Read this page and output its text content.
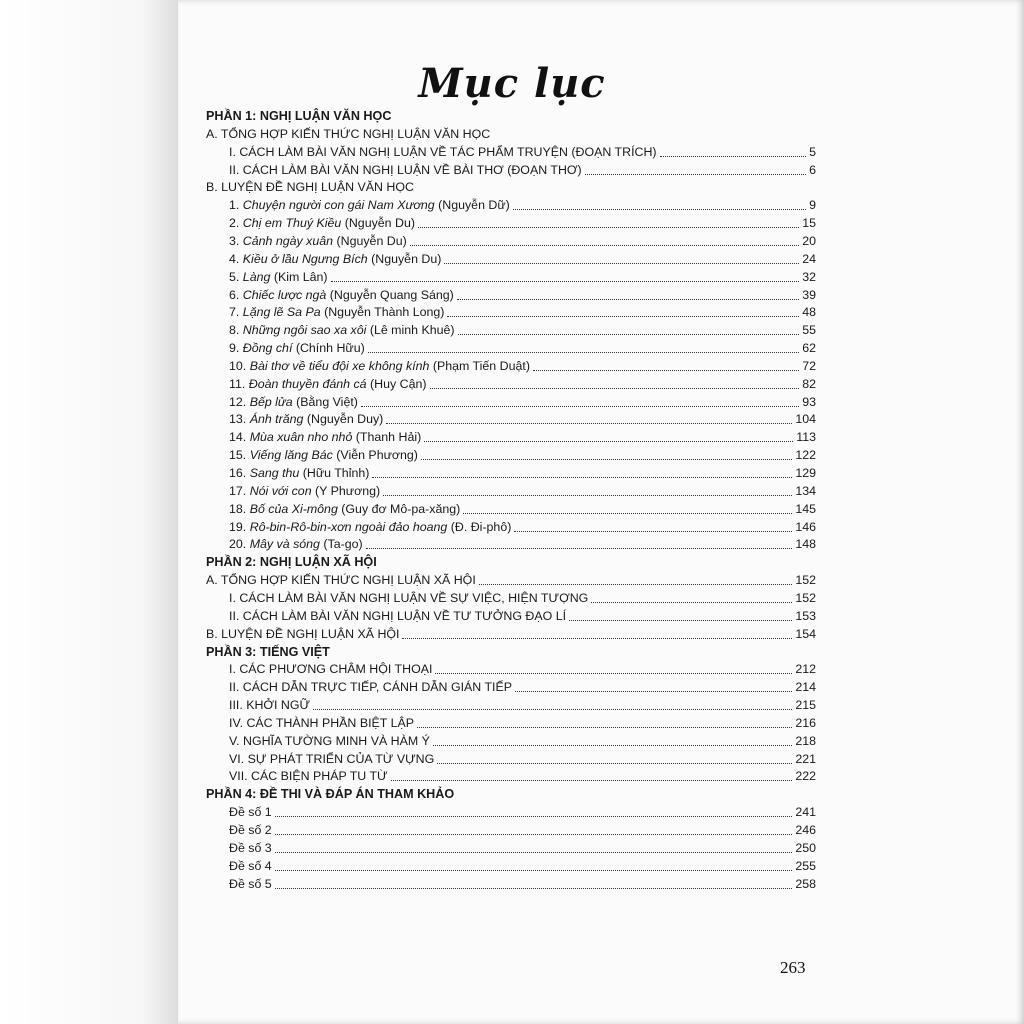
Mục lục
PHẦN 1: NGHỊ LUẬN VĂN HỌC
A. TỔNG HỢP KIẾN THỨC NGHỊ LUẬN VĂN HỌC
I. CÁCH LÀM BÀI VĂN NGHỊ LUẬN VỀ TÁC PHẨM TRUYỆN (ĐOẠN TRÍCH)	5
II. CÁCH LÀM BÀI VĂN NGHỊ LUẬN VỀ BÀI THƠ (ĐOẠN THƠ)	6
B. LUYỆN ĐỀ NGHỊ LUẬN VĂN HỌC
1. Chuyện người con gái Nam Xương (Nguyễn Dữ)	9
2. Chị em Thuý Kiều (Nguyễn Du)	15
3. Cảnh ngày xuân (Nguyễn Du)	20
4. Kiều ở lầu Ngưng Bích (Nguyễn Du)	24
5. Làng (Kim Lân)	32
6. Chiếc lược ngà (Nguyễn Quang Sáng)	39
7. Lặng lẽ Sa Pa (Nguyễn Thành Long)	48
8. Những ngôi sao xa xôi (Lê minh Khuê)	55
9. Đồng chí (Chính Hữu)	62
10. Bài thơ về tiểu đội xe không kính (Phạm Tiến Duật)	72
11. Đoàn thuyền đánh cá (Huy Cận)	82
12. Bếp lửa (Bằng Việt)	93
13. Ánh trăng (Nguyễn Duy)	104
14. Mùa xuân nho nhỏ (Thanh Hải)	113
15. Viếng lăng Bác (Viễn Phương)	122
16. Sang thu (Hữu Thỉnh)	129
17. Nói với con (Y Phương)	134
18. Bố của Xi-mông (Guy đơ Mô-pa-xăng)	145
19. Rô-bin-Rô-bin-xơn ngoài đảo hoang (Đ. Đi-phô)	146
20. Mây và sóng (Ta-go)	148
PHẦN 2: NGHỊ LUẬN XÃ HỘI
A. TỔNG HỢP KIẾN THỨC NGHỊ LUẬN XÃ HỘI	152
I. CÁCH LÀM BÀI VĂN NGHỊ LUẬN VỀ SỰ VIỆC, HIỆN TƯỢNG	152
II. CÁCH LÀM BÀI VĂN NGHỊ LUẬN VỀ TƯ TƯỞNG ĐẠO LÍ	153
B. LUYỆN ĐỀ NGHỊ LUẬN XÃ HỘI	154
PHẦN 3: TIẾNG VIỆT
I. CÁC PHƯƠNG CHÂM HỘI THOẠI	212
II. CÁCH DẪN TRỰC TIẾP, CÁNH DẪN GIÁN TIẾP	214
III. KHỞI NGỮ	215
IV. CÁC THÀNH PHẦN BIỆT LẬP	216
V. NGHĨA TƯỜNG MINH VÀ HÀM Ý	218
VI. SỰ PHÁT TRIỂN CỦA TỪ VỰNG	221
VII. CÁC BIỆN PHÁP TU TỪ	222
PHẦN 4: ĐỀ THI VÀ ĐÁP ÁN THAM KHẢO
Đề số 1	241
Đề số 2	246
Đề số 3	250
Đề số 4	255
Đề số 5	258
263
